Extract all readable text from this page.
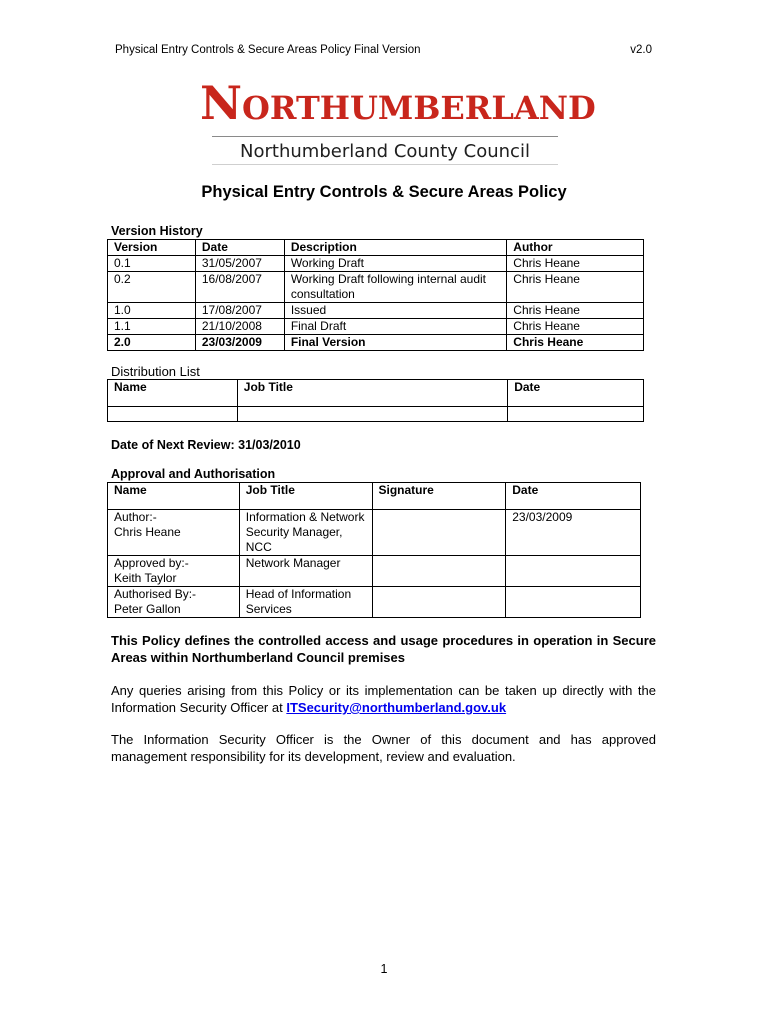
Physical Entry Controls & Secure Areas Policy Final Version	v2.0
Northumberland
Northumberland County Council
Physical Entry Controls & Secure Areas Policy
Version History
Version	Date	Description	Author
0.1	31/05/2007	Working Draft	Chris Heane
0.2	16/08/2007	Working Draft following internal audit consultation	Chris Heane
1.0	17/08/2007	Issued	Chris Heane
1.1	21/10/2008	Final Draft	Chris Heane
2.0	23/03/2009	Final Version	Chris Heane
Distribution List
Name	Job Title	Date

Date of Next Review: 31/03/2010
Approval and Authorisation
Name	Job Title	Signature	Date

Author:-
Chris Heane	Information & Network Security Manager, NCC		23/03/2009

Approved by:-
Keith Taylor	Network Manager		

Authorised By:-
Peter Gallon	Head of Information Services		
This Policy defines the controlled access and usage procedures in operation in Secure Areas within Northumberland Council premises
Any queries arising from this Policy or its implementation can be taken up directly with the Information Security Officer at ITSecurity@northumberland.gov.uk
The Information Security Officer is the Owner of this document and has approved management responsibility for its development, review and evaluation.
1
